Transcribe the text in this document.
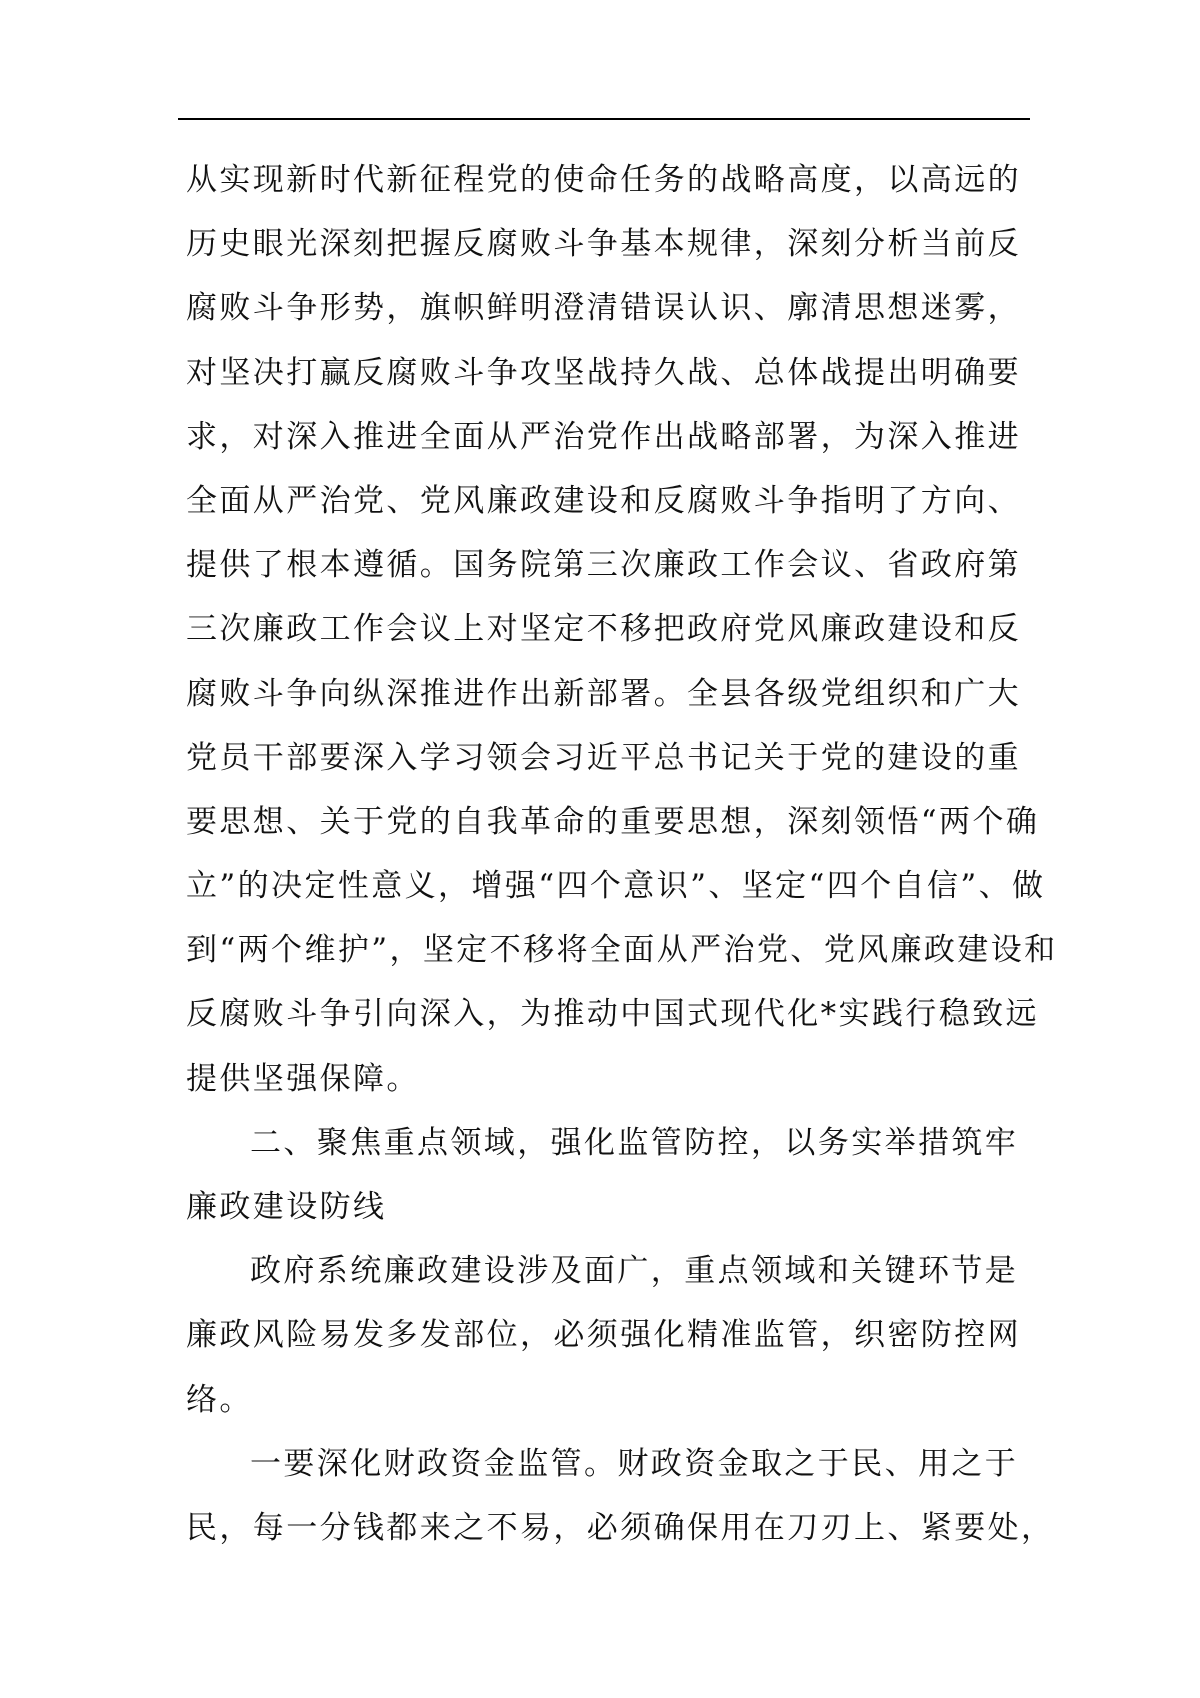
从实现新时代新征程党的使命任务的战略高度，以高远的
历史眼光深刻把握反腐败斗争基本规律，深刻分析当前反
腐败斗争形势，旗帜鲜明澄清错误认识、廓清思想迷雾，
对坚决打赢反腐败斗争攻坚战持久战、总体战提出明确要
求，对深入推进全面从严治党作出战略部署，为深入推进
全面从严治党、党风廉政建设和反腐败斗争指明了方向、
提供了根本遵循。国务院第三次廉政工作会议、省政府第
三次廉政工作会议上对坚定不移把政府党风廉政建设和反
腐败斗争向纵深推进作出新部署。全县各级党组织和广大
党员干部要深入学习领会习近平总书记关于党的建设的重
要思想、关于党的自我革命的重要思想，深刻领悟“两个确
立”的决定性意义，增强“四个意识”、坚定“四个自信”、做
到“两个维护”，坚定不移将全面从严治党、党风廉政建设和
反腐败斗争引向深入，为推动中国式现代化*实践行稳致远
提供坚强保障。
二、聚焦重点领域，强化监管防控，以务实举措筑牢
廉政建设防线
政府系统廉政建设涉及面广，重点领域和关键环节是
廉政风险易发多发部位，必须强化精准监管，织密防控网
络。
一要深化财政资金监管。财政资金取之于民、用之于
民，每一分钱都来之不易，必须确保用在刀刃上、紧要处，
